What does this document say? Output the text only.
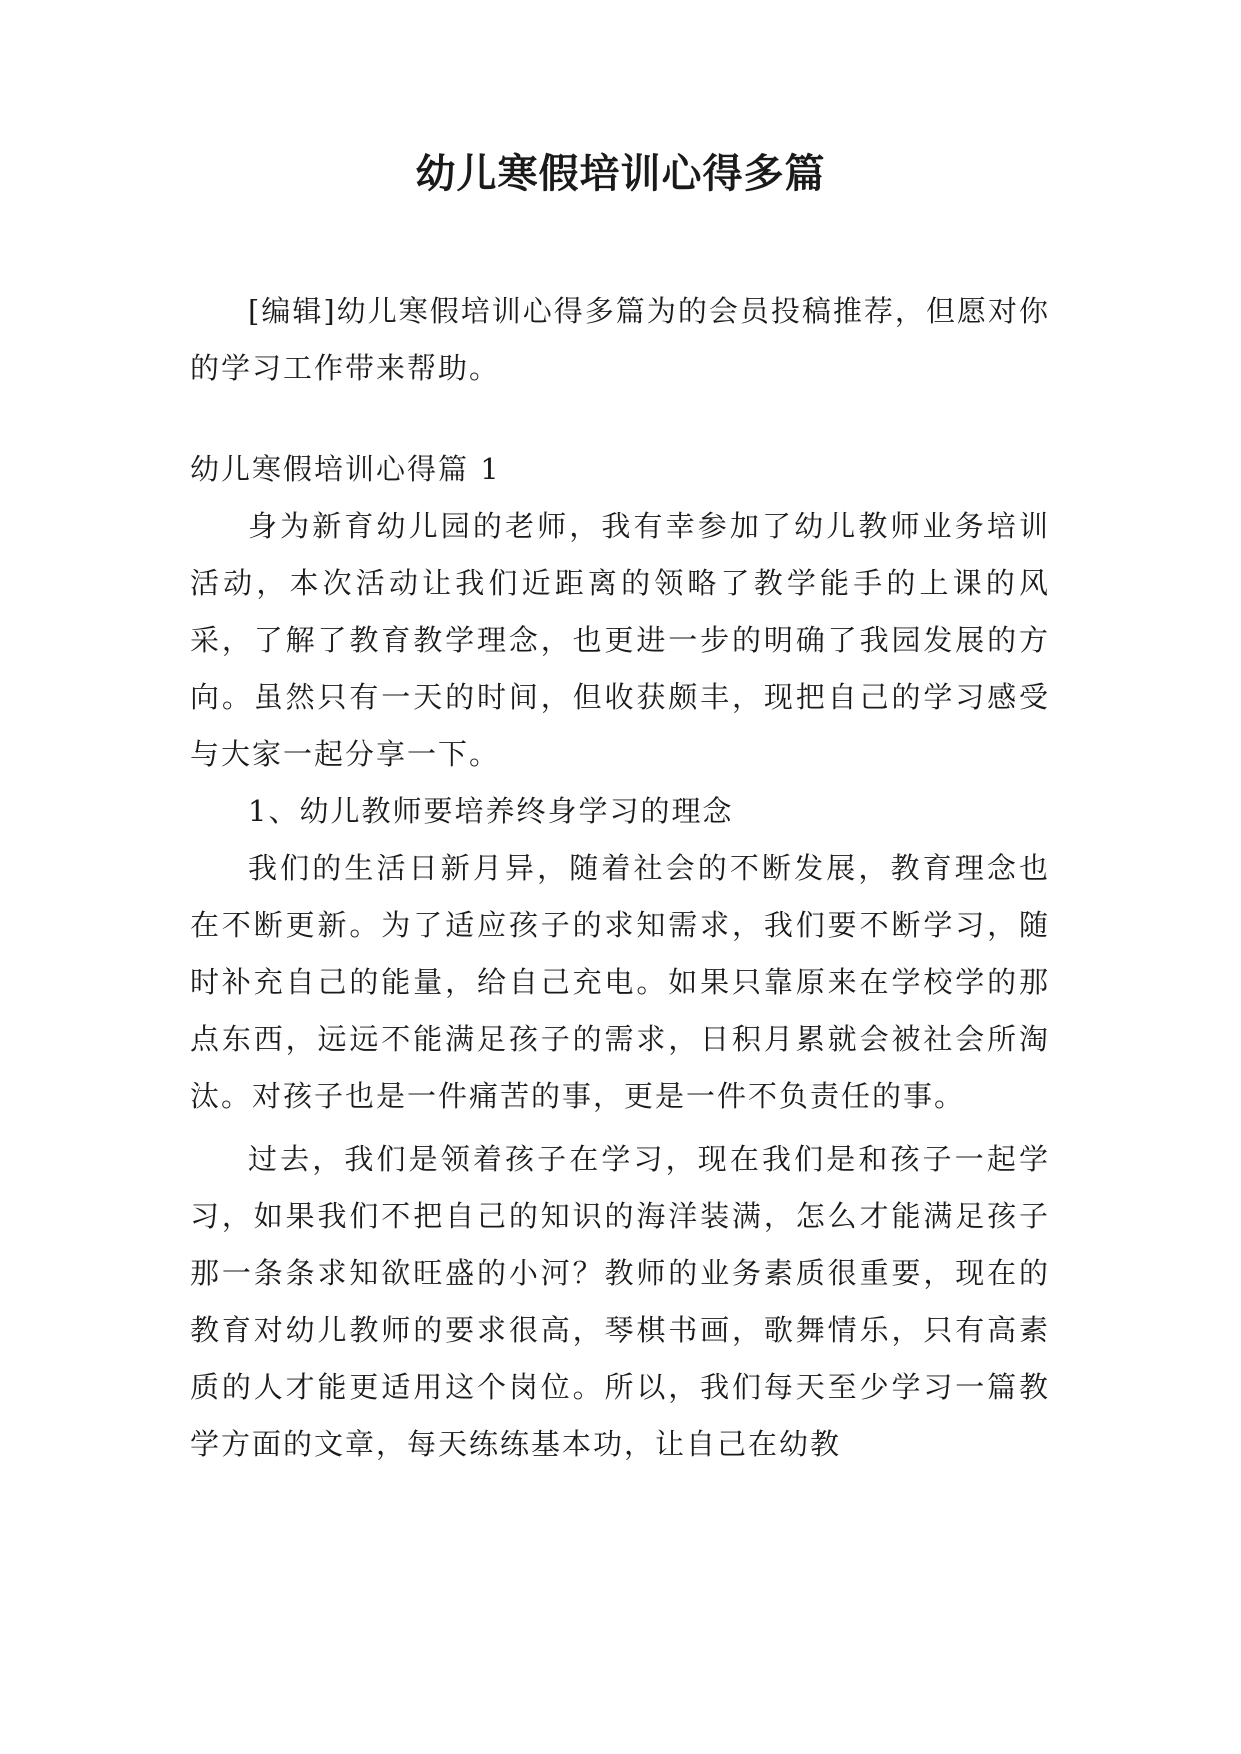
幼儿寒假培训心得多篇

[编辑]幼儿寒假培训心得多篇为的会员投稿推荐，但愿对你的学习工作带来帮助。

幼儿寒假培训心得篇 1

身为新育幼儿园的老师，我有幸参加了幼儿教师业务培训活动，本次活动让我们近距离的领略了教学能手的上课的风采，了解了教育教学理念，也更进一步的明确了我园发展的方向。虽然只有一天的时间，但收获颇丰，现把自己的学习感受与大家一起分享一下。

1、幼儿教师要培养终身学习的理念

我们的生活日新月异，随着社会的不断发展，教育理念也在不断更新。为了适应孩子的求知需求，我们要不断学习，随时补充自己的能量，给自己充电。如果只靠原来在学校学的那点东西，远远不能满足孩子的需求，日积月累就会被社会所淘汰。对孩子也是一件痛苦的事，更是一件不负责任的事。

过去，我们是领着孩子在学习，现在我们是和孩子一起学习，如果我们不把自己的知识的海洋装满，怎么才能满足孩子那一条条求知欲旺盛的小河？教师的业务素质很重要，现在的教育对幼儿教师的要求很高，琴棋书画，歌舞情乐，只有高素质的人才能更适用这个岗位。所以，我们每天至少学习一篇教学方面的文章，每天练练基本功，让自己在幼教
